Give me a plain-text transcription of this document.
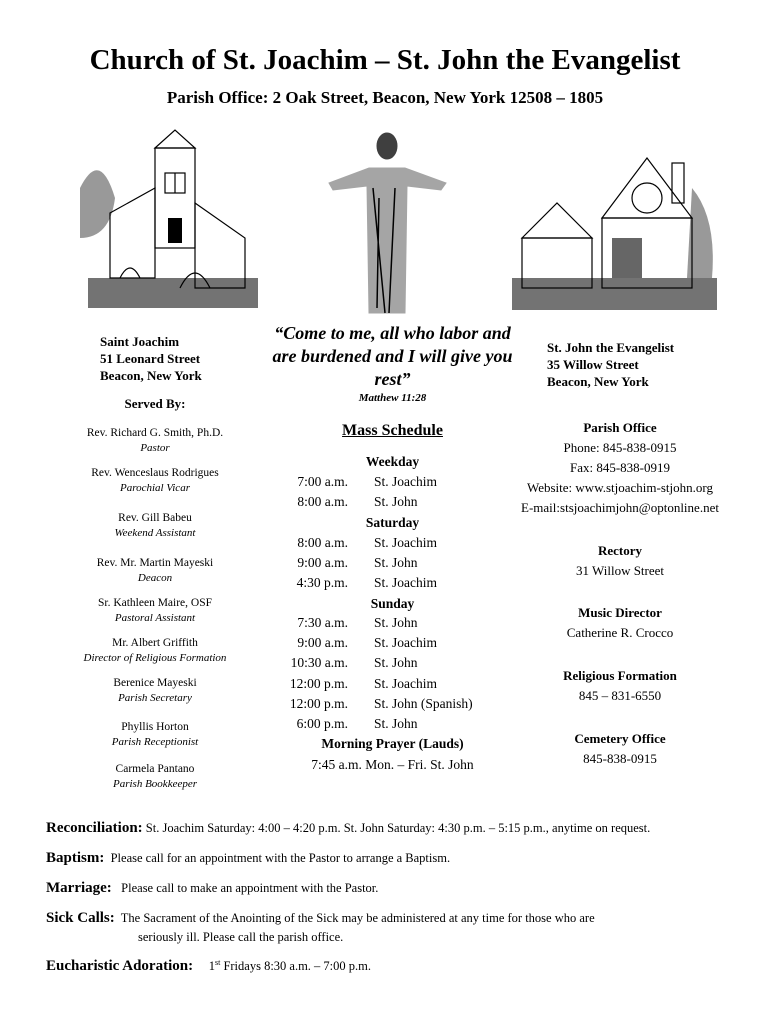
Church of St. Joachim – St. John the Evangelist
Parish Office: 2 Oak Street, Beacon, New York 12508 – 1805
Saint Joachim
51 Leonard Street
Beacon, New York
Served By:
Rev. Richard G. Smith, Ph.D.
Pastor
Rev. Wenceslaus Rodrigues
Parochial Vicar
Rev. Gill Babeu
Weekend Assistant
Rev. Mr. Martin Mayeski
Deacon
Sr. Kathleen Maire, OSF
Pastoral Assistant
Mr. Albert Griffith
Director of Religious Formation
Berenice Mayeski
Parish Secretary
Phyllis Horton
Parish Receptionist
Carmela Pantano
Parish Bookkeeper
“Come to me, all who labor and are burdened and I will give you rest”
Matthew 11:28
Mass Schedule
Weekday
7:00 a.m. St. Joachim
8:00 a.m. St. John
Saturday
8:00 a.m. St. Joachim
9:00 a.m. St. John
4:30 p.m. St. Joachim
Sunday
7:30 a.m. St. John
9:00 a.m. St. Joachim
10:30 a.m. St. John
12:00 p.m. St. Joachim
12:00 p.m. St. John (Spanish)
6:00 p.m. St. John
Morning Prayer (Lauds)
7:45 a.m. Mon. – Fri. St. John
St. John the Evangelist
35 Willow Street
Beacon, New York
Parish Office
Phone: 845-838-0915
Fax: 845-838-0919
Website: www.stjoachim-stjohn.org
E-mail:stsjoachimjohn@optonline.net
Rectory
31 Willow Street
Music Director
Catherine R. Crocco
Religious Formation
845 – 831-6550
Cemetery Office
845-838-0915
Reconciliation: St. Joachim Saturday: 4:00 – 4:20 p.m. St. John Saturday: 4:30 p.m. – 5:15 p.m., anytime on request.
Baptism: Please call for an appointment with the Pastor to arrange a Baptism.
Marriage: Please call to make an appointment with the Pastor.
Sick Calls: The Sacrament of the Anointing of the Sick may be administered at any time for those who are
seriously ill. Please call the parish office.
Eucharistic Adoration: 1st Fridays 8:30 a.m. – 7:00 p.m.
